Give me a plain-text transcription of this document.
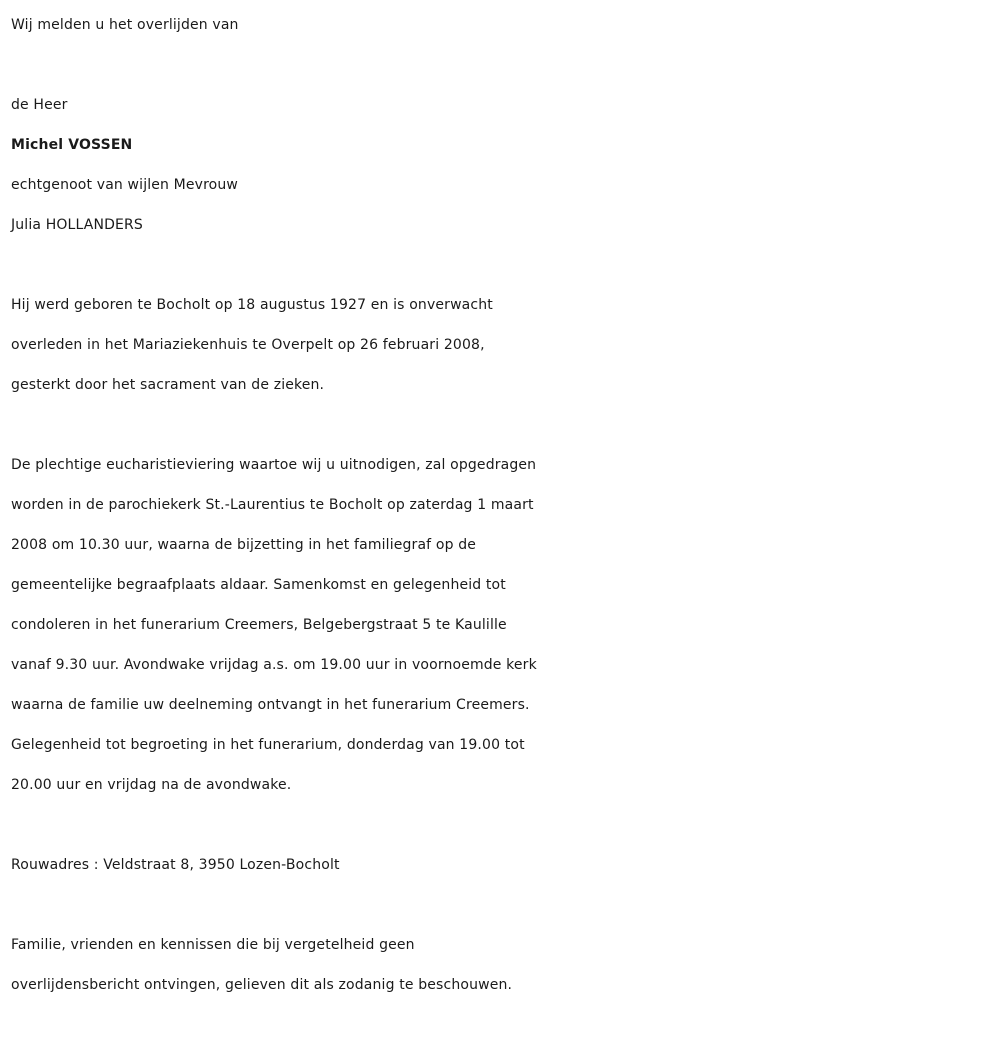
Wij melden u het overlijden van
de Heer
Michel VOSSEN
echtgenoot van wijlen Mevrouw
Julia HOLLANDERS
Hij werd geboren te Bocholt op 18 augustus 1927 en is onverwacht
overleden in het Mariaziekenhuis te Overpelt op 26 februari 2008,
gesterkt door het sacrament van de zieken.
De plechtige eucharistieviering waartoe wij u uitnodigen, zal opgedragen
worden in de parochiekerk St.-Laurentius te Bocholt op zaterdag 1 maart
2008 om 10.30 uur, waarna de bijzetting in het familiegraf op de
gemeentelijke begraafplaats aldaar. Samenkomst en gelegenheid tot
condoleren in het funerarium Creemers, Belgebergstraat 5 te Kaulille
vanaf 9.30 uur. Avondwake vrijdag a.s. om 19.00 uur in voornoemde kerk
waarna de familie uw deelneming ontvangt in het funerarium Creemers.
Gelegenheid tot begroeting in het funerarium, donderdag van 19.00 tot
20.00 uur en vrijdag na de avondwake.
Rouwadres : Veldstraat 8, 3950 Lozen-Bocholt
Familie, vrienden en kennissen die bij vergetelheid geen
overlijdensbericht ontvingen, gelieven dit als zodanig te beschouwen.
